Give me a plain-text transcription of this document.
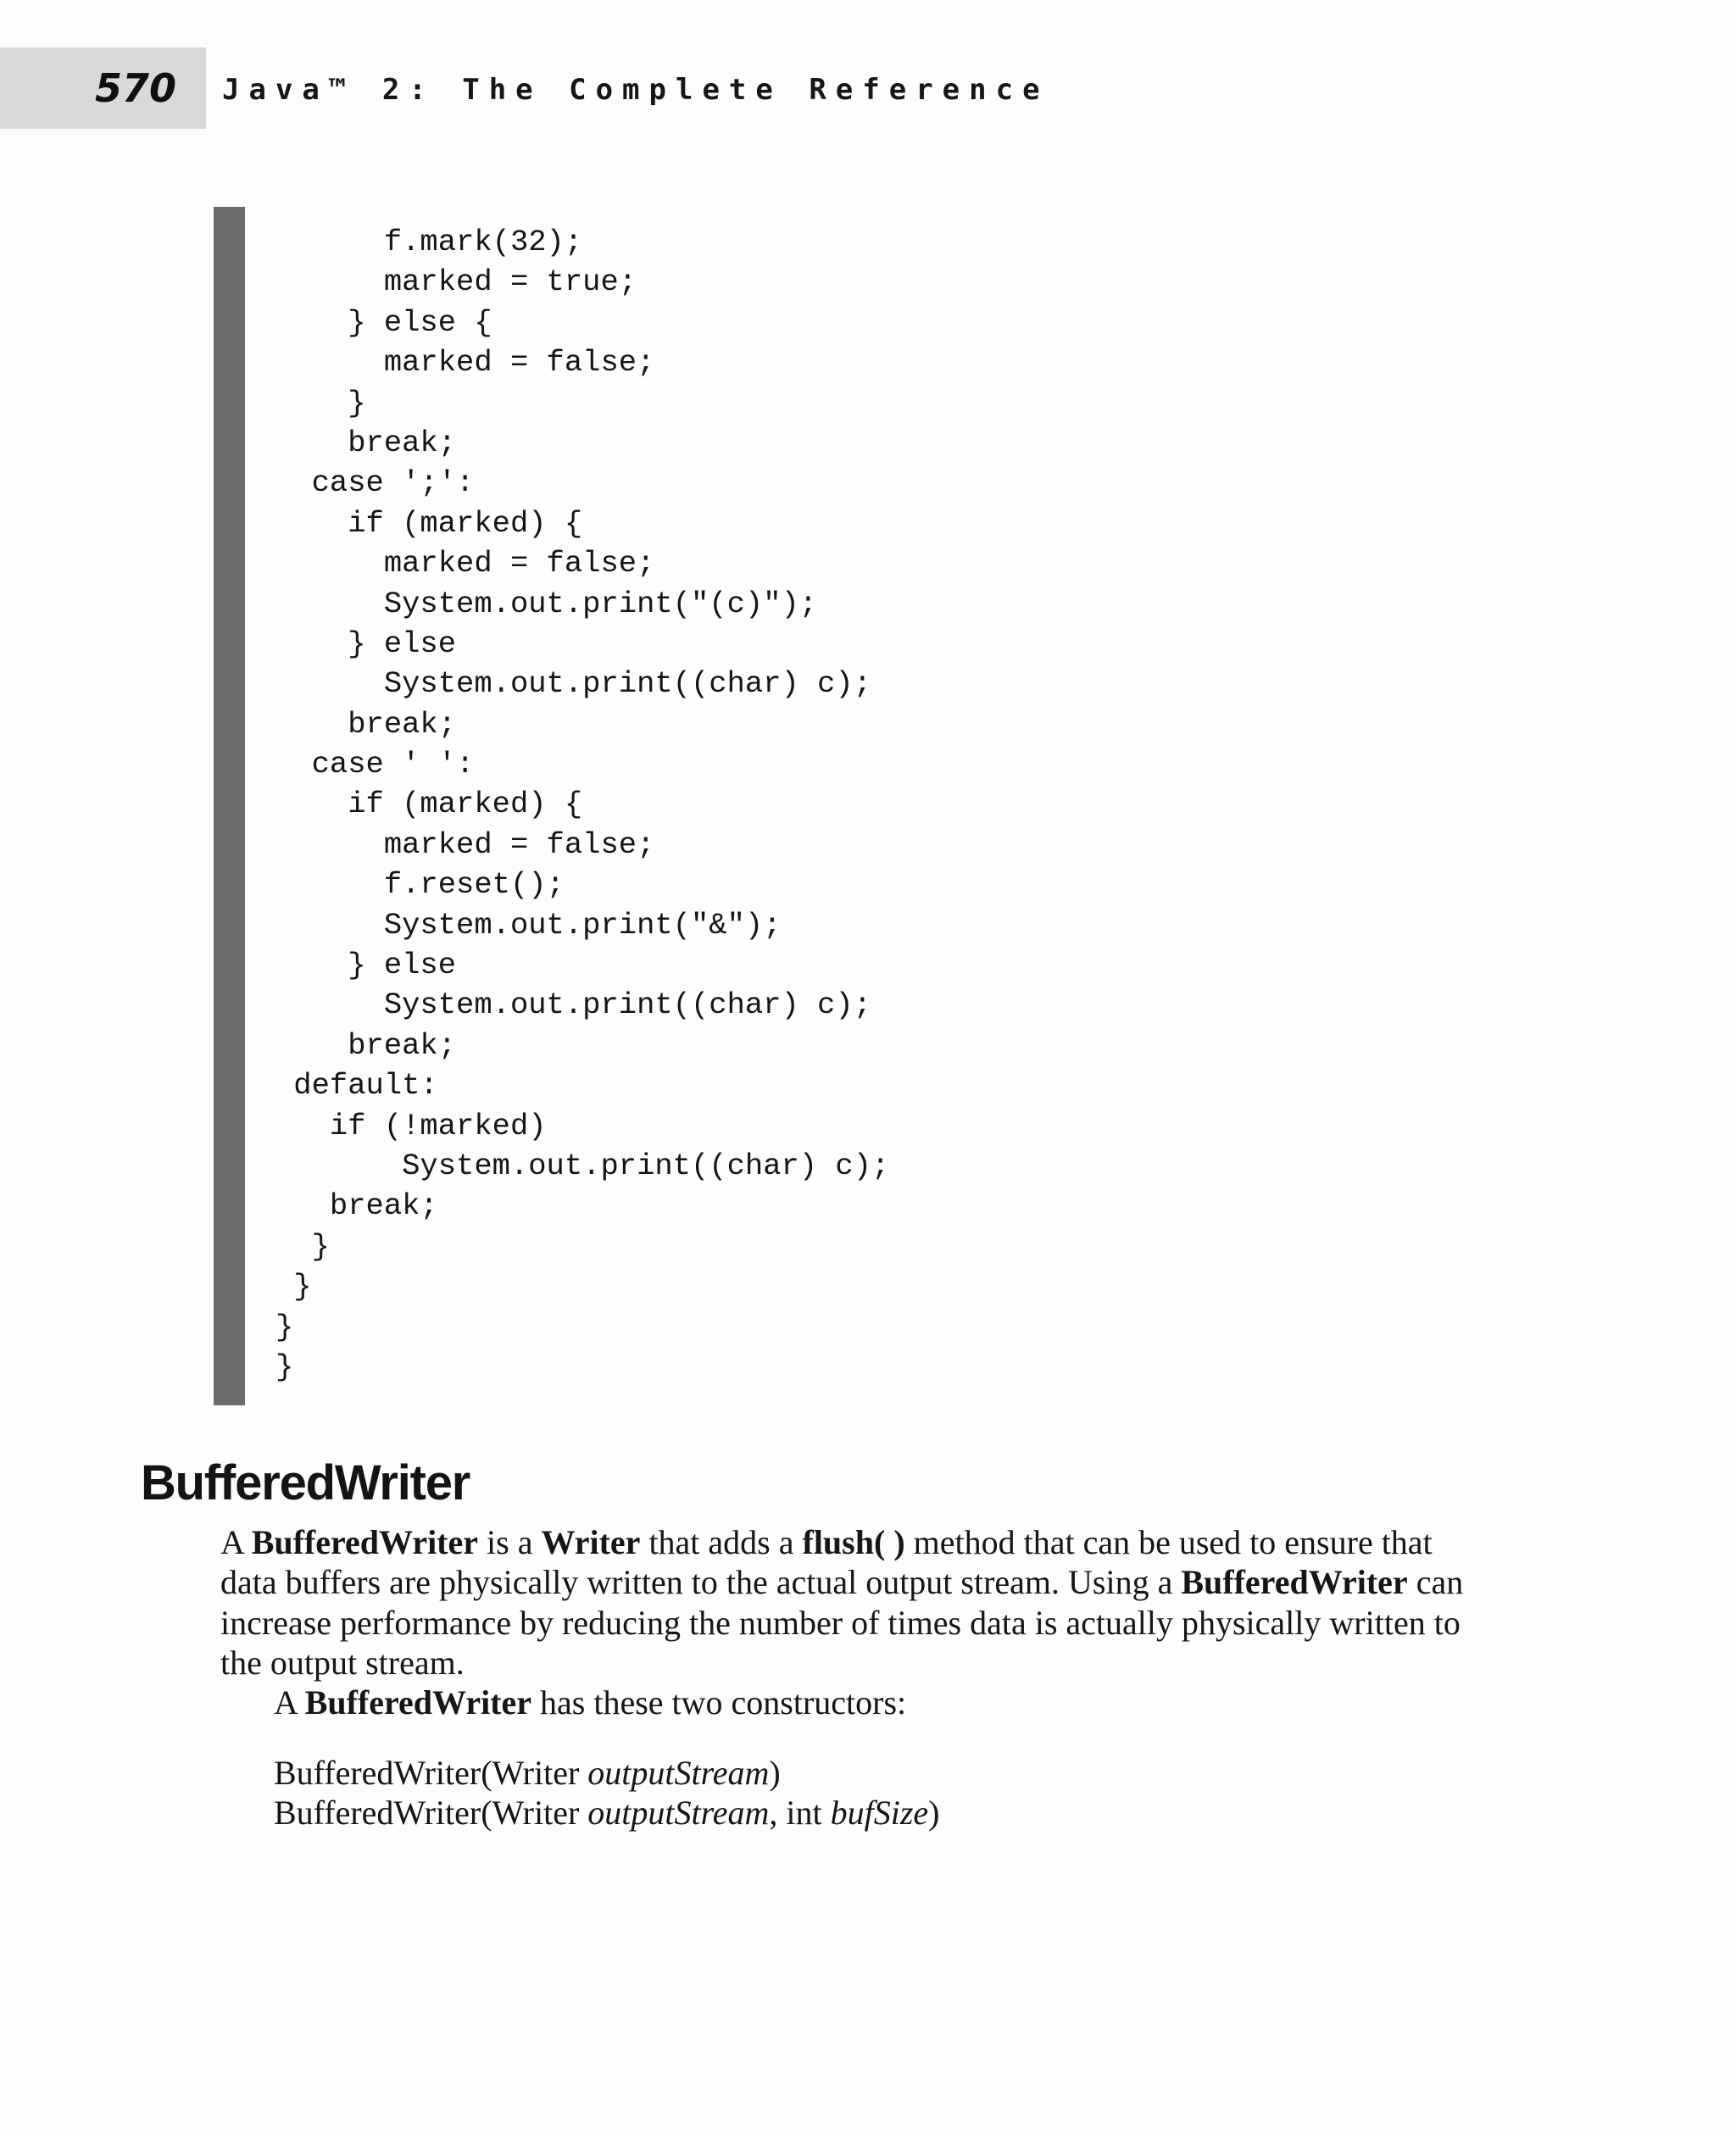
570 Java™ 2: The Complete Reference
f.mark(32);
marked = true;
} else {
marked = false;
}
break;
case ';':
if (marked) {
marked = false;
System.out.print("(c)");
} else
System.out.print((char) c);
break;
case ' ':
if (marked) {
marked = false;
f.reset();
System.out.print("&");
} else
System.out.print((char) c);
break;
default:
if (!marked)
System.out.print((char) c);
break;
}
}
}
}
BufferedWriter

A BufferedWriter is a Writer that adds a flush( ) method that can be used to ensure that data buffers are physically written to the actual output stream. Using a BufferedWriter can increase performance by reducing the number of times data is actually physically written to the output stream.

A BufferedWriter has these two constructors:

BufferedWriter(Writer outputStream)

BufferedWriter(Writer outputStream, int bufSize)
